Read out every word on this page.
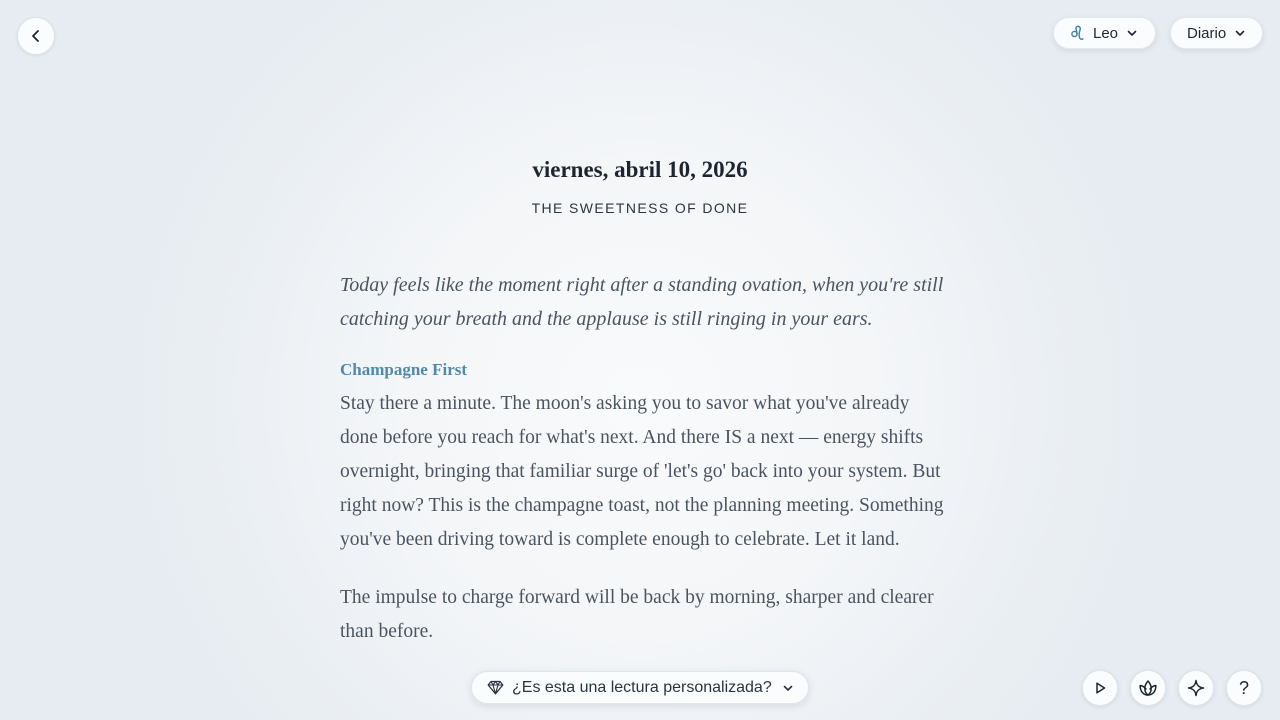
Leo	Diario
viernes, abril 10, 2026
THE SWEETNESS OF DONE

Today feels like the moment right after a standing ovation, when you're still catching your breath and the applause is still ringing in your ears.

Champagne First

Stay there a minute. The moon's asking you to savor what you've already done before you reach for what's next. And there IS a next — energy shifts overnight, bringing that familiar surge of 'let's go' back into your system. But right now? This is the champagne toast, not the planning meeting. Something you've been driving toward is complete enough to celebrate. Let it land.

The impulse to charge forward will be back by morning, sharper and clearer than before.

¿Es esta una lectura personalizada?	?
